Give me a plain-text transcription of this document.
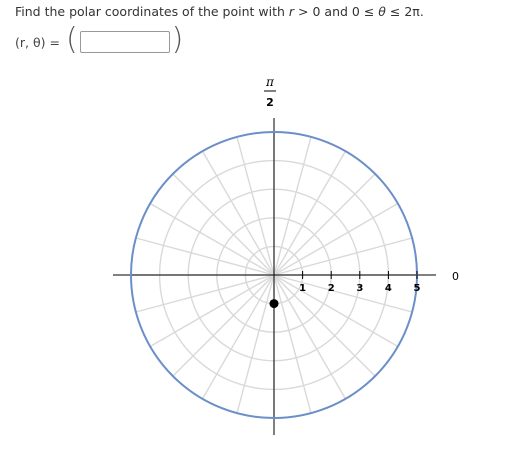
Find the polar coordinates of the point with r > 0 and 0 ≤ θ ≤ 2π.
(r, θ) = (	)
1 2 3 4 5
0
π
2
